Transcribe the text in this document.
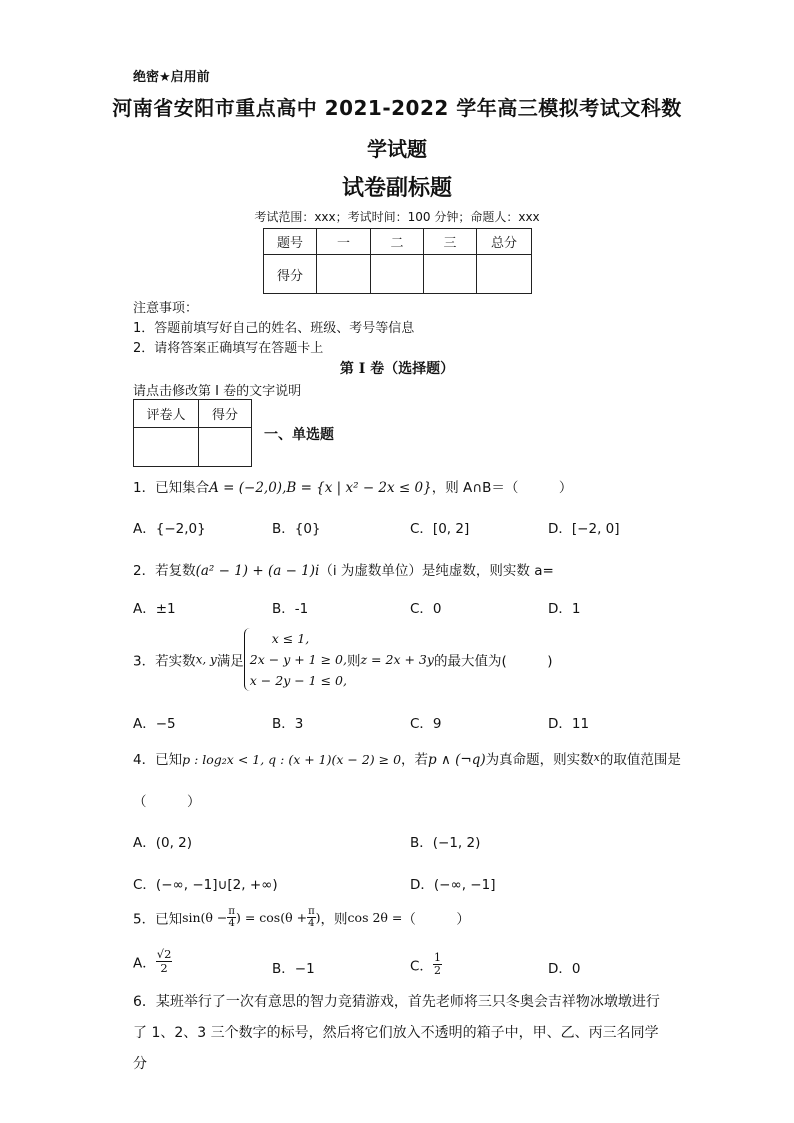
绝密★启用前
河南省安阳市重点高中 2021-2022 学年高三模拟考试文科数
学试题
试卷副标题
考试范围：xxx；考试时间：100 分钟；命题人：xxx
题号	一	二	三	总分
得分				
注意事项：
1．答题前填写好自己的姓名、班级、考号等信息
2．请将答案正确填写在答题卡上
第 I 卷（选择题）
请点击修改第 I 卷的文字说明
评卷人	得分

一、单选题
1．已知集合A = (−2,0),B = {x | x² − 2x ≤ 0}，则 A∩B＝（　　　）
A．{−2,0}	B．{0}	C．[0, 2]	D．[−2, 0]
2．若复数(a² − 1) + (a − 1)i（i 为虚数单位）是纯虚数，则实数 a=
A．±1	B．-1	C．0	D．1
3．若实数x, y满足
x ≤ 1,
2x − y + 1 ≥ 0,
x − 2y − 1 ≤ 0,
则z = 2x + 3y的最大值为(　　　)
A．−5	B．3	C．9	D．11
4．已知p : log₂x < 1, q : (x + 1)(x − 2) ≥ 0，若p ∧ (¬q)为真命题，则实数$^x$的取值范围是
（　　　）
A．(0, 2)	B．(−1, 2)
C．(−∞, −1]∪[2, +∞)	D．(−∞, −1]
5．已知$\sin(\theta - \frac{\pi}{4}$ ) = $\cos(\theta + \frac{\pi}{4}$ )，则cos 2θ =（　　　）
A． $\frac{√2}{2}$	B．−1	C． $\frac{1}{2}$	D．0
6．某班举行了一次有意思的智力竞猜游戏，首先老师将三只冬奥会吉祥物冰墩墩进行了 1、2、3 三个数字的标号，然后将它们放入不透明的箱子中，甲、乙、丙三名同学分
